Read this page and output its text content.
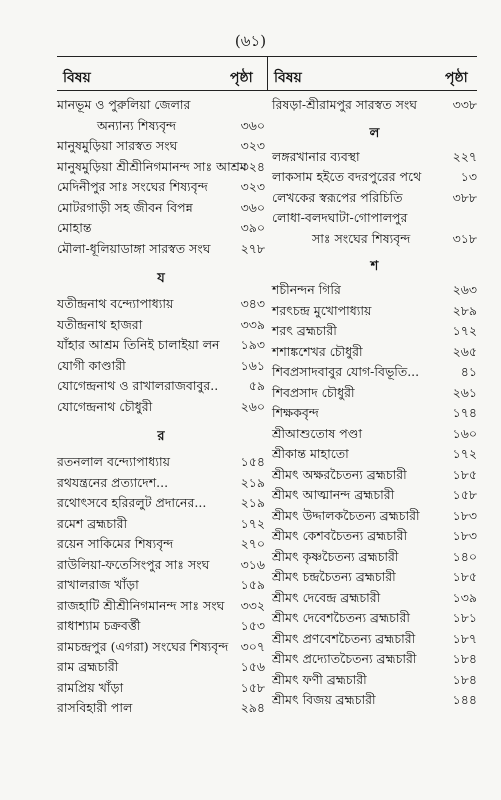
(৬১)
বিষয়	পৃষ্ঠা বিষয়	পৃষ্ঠা
মানভূম ও পুরুলিয়া জেলার
অন্যান্য শিষ্যবৃন্দ	৩৬০
মানুষমুড়িয়া সারস্বত সংঘ	৩২৩
মানুষমুড়িয়া শ্রীশ্রীনিগমানন্দ সাঃ আশ্রম
৩২৪
মেদিনীপুর সাঃ সংঘের শিষ্যবৃন্দ	৩২৩
মোটরগাড়ী সহ জীবন বিপন্ন	৩৬০
মোহান্ত	৩৯০
মৌলা-ধূলিয়াডাঙ্গা সারস্বত সংঘ ২৭৮
য
যতীন্দ্রনাথ বন্দ্যোপাধ্যায়	৩৪৩
যতীন্দ্রনাথ হাজরা	৩৩৯
যাঁহার আশ্রম তিনিই চালাইয়া লন ১৯৩
যোগী কাণ্ডারী	১৬১
যোগেন্দ্রনাথ ও রাখালরাজবাবুর.. ৫৯
যোগেন্দ্রনাথ চৌধুরী	২৬০
র
রতনলাল বন্দ্যোপাধ্যায়	১৫৪
রথযন্ত্রনের প্রত্যাদেশ...	২১৯
রথোৎসবে হরিরলুট প্রদানের...	২১৯
রমেশ ব্রহ্মচারী	১৭২
রয়েন সাকিমের শিষ্যবৃন্দ	২৭০
রাউলিয়া-ফতেসিংপুর সাঃ সংঘ	৩১৬
রাখালরাজ খাঁড়া	১৫৯
রাজহাটি শ্রীশ্রীনিগমানন্দ সাঃ সংঘ ৩৩২
রাধাশ্যাম চক্রবর্ত্তী	১৫৩
রামচন্দ্রপুর (এগরা) সংঘের শিষ্যবৃন্দ ৩০৭
রাম ব্রহ্মচারী	১৫৬
রামপ্রিয় খাঁড়া	১৫৮
রাসবিহারী পাল	২৯৪
রিষড়া-শ্রীরামপুর সারস্বত সংঘ	৩৩৮
ল
লঙ্গরখানার ব্যবস্থা	২২৭
লাকসাম হইতে বদরপুরের পথে	১৩
লেখকের স্বরূপের পরিচিতি	৩৮৮
লোধা-বলদঘাটা-গোপালপুর
সাঃ সংঘের শিষ্যবৃন্দ	৩১৮
শ
শচীনন্দন গিরি	২৬৩
শরৎচন্দ্র মুখোপাধ্যায়	২৮৯
শরৎ ব্রহ্মচারী	১৭২
শশাঙ্কশেখর চৌধুরী	২৬৫
শিবপ্রসাদবাবুর যোগ-বিভূতি...	৪১
শিবপ্রসাদ চৌধুরী	২৬১
শিক্ষকবৃন্দ	১৭৪
শ্রীআশুতোষ পণ্ডা	১৬০
শ্রীকান্ত মাহাতো	১৭২
শ্রীমৎ অক্ষরচৈতন্য ব্রহ্মচারী	১৮৫
শ্রীমৎ আত্মানন্দ ব্রহ্মচারী	১৫৮
শ্রীমৎ উদ্দালকচৈতন্য ব্রহ্মচারী	১৮৩
শ্রীমৎ কেশবচৈতন্য ব্রহ্মচারী	১৮৩
শ্রীমৎ কৃষ্ণচৈতন্য ব্রহ্মচারী	১৪০
শ্রীমৎ চন্দ্রচৈতন্য ব্রহ্মচারী	১৮৫
শ্রীমৎ দেবেন্দ্র ব্রহ্মচারী	১৩৯
শ্রীমৎ দেবেশচৈতন্য ব্রহ্মচারী	১৮১
শ্রীমৎ প্রণবেশচৈতন্য ব্রহ্মচারী	১৮৭
শ্রীমৎ প্রদ্যোতচৈতন্য ব্রহ্মচারী	১৮৪
শ্রীমৎ ফণী ব্রহ্মচারী	১৮৪
শ্রীমৎ বিজয় ব্রহ্মচারী	১৪৪
